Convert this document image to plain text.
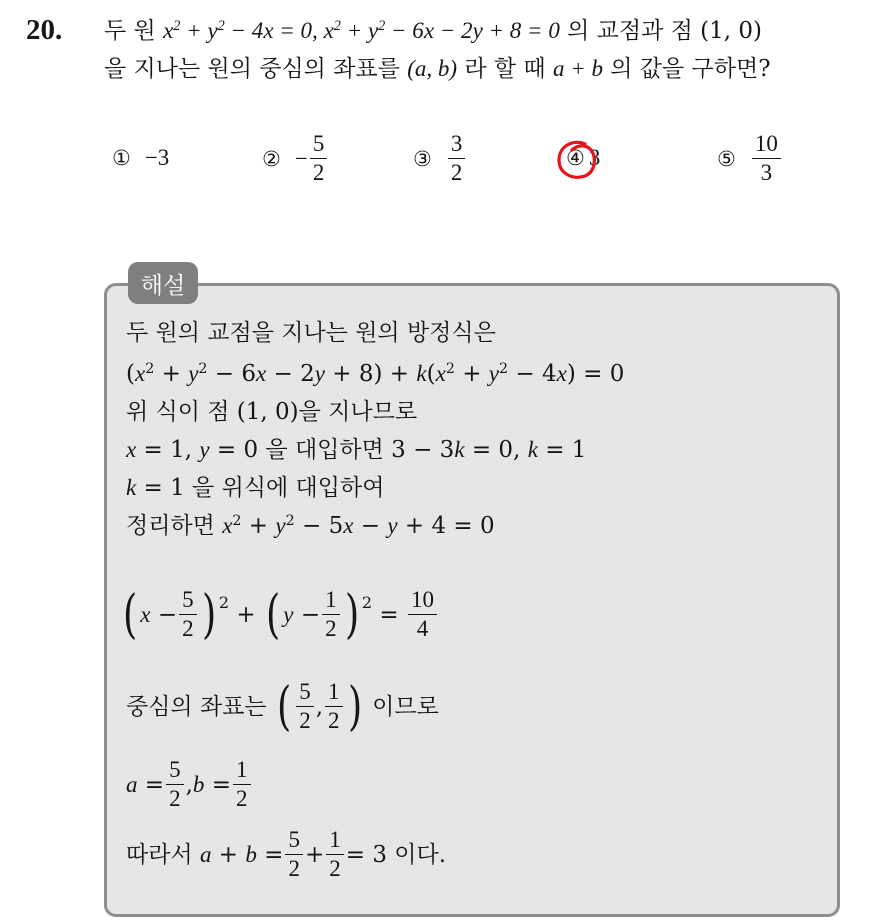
20. 두 원 $x^2 + y^2 - 4x = 0$, $x^2 + y^2 - 6x - 2y + 8 = 0$ 의 교점과 점 (1, 0)
을 지나는 원의 중심의 좌표를 (a, b) 라 할 때 a + b 의 값을 구하면?
① −3	② − $\frac{5}{2}$	③ $\frac{3}{2}$	④ 3	⑤ $\frac{10}{3}$
해설
두 원의 교점을 지나는 원의 방정식은
$(x^2 + y^2 - 6x - 2y + 8) + k(x^2 + y^2 - 4x) = 0$
위 식이 점 (1, 0)을 지나므로
x = 1, y = 0 을 대입하면 3 − 3k = 0, k = 1
k = 1 을 위식에 대입하여
정리하면 $x^2 + y^2 - 5x - y + 4 = 0$
( $x - \frac{5}{2}$ ) 2 + ( $y - \frac{1}{2}$ ) $2 = \frac{10}{4}$
중심의 좌표는
( $\frac{5}{2}$ , $\frac{1}{2}$ )
이므로
$a = \frac{5}{2}$ , $b = \frac{1}{2}$
따라서
$a + b = \frac{5}{2} + \frac{1}{2} = 3$ 이다.
